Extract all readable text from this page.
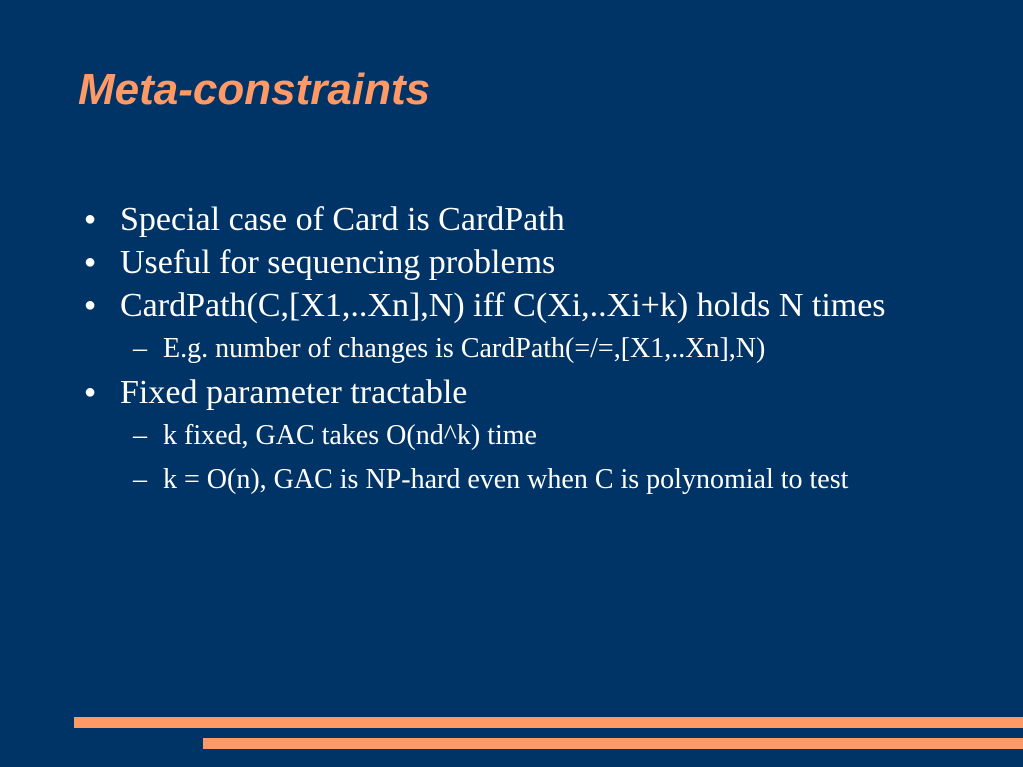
Meta-constraints
● Special case of Card is CardPath
● Useful for sequencing problems
● CardPath(C,[X1,..Xn],N) iff C(Xi,..Xi+k) holds N times
– E.g. number of changes is CardPath(=/=,[X1,..Xn],N)
● Fixed parameter tractable
– k fixed, GAC takes O(nd^k) time
– k = O(n), GAC is NP-hard even when C is polynomial to test
